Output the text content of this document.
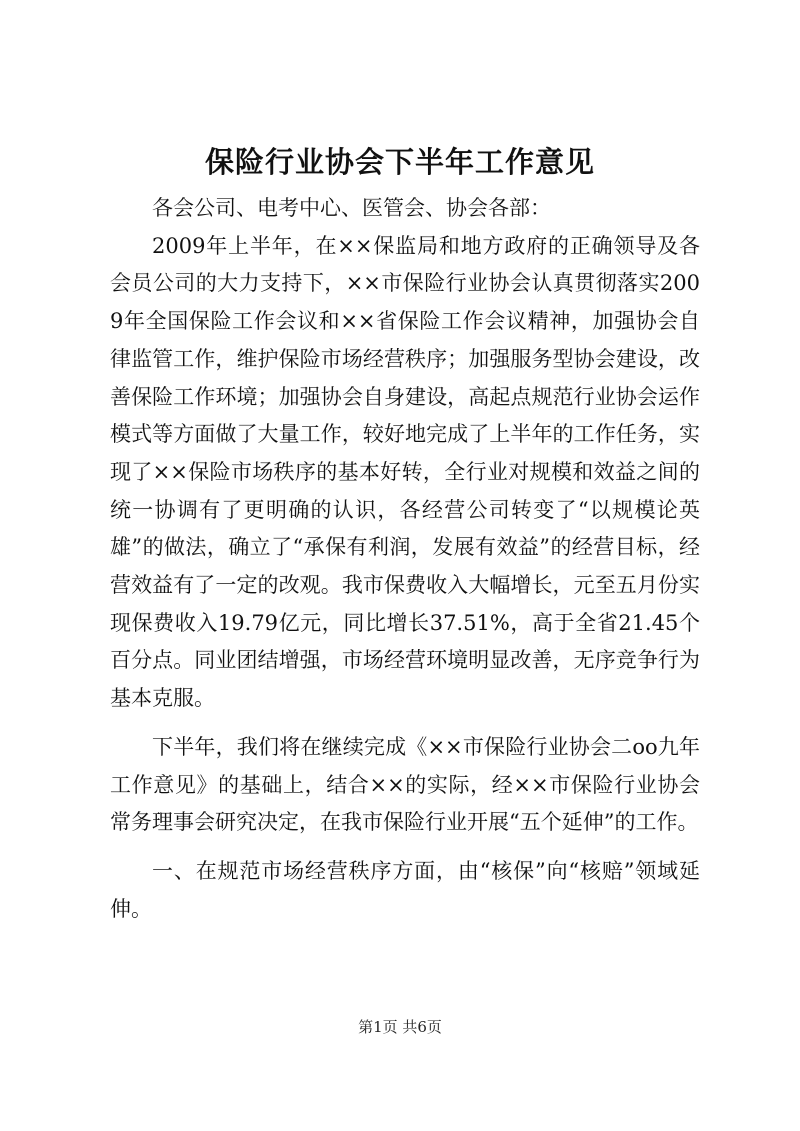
保险行业协会下半年工作意见

各会公司、电考中心、医管会、协会各部：

2009年上半年，在××保监局和地方政府的正确领导及各会员公司的大力支持下，××市保险行业协会认真贯彻落实2009年全国保险工作会议和××省保险工作会议精神，加强协会自律监管工作，维护保险市场经营秩序；加强服务型协会建设，改善保险工作环境；加强协会自身建设，高起点规范行业协会运作模式等方面做了大量工作，较好地完成了上半年的工作任务，实现了××保险市场秩序的基本好转，全行业对规模和效益之间的统一协调有了更明确的认识，各经营公司转变了“以规模论英雄”的做法，确立了“承保有利润，发展有效益”的经营目标，经营效益有了一定的改观。我市保费收入大幅增长，元至五月份实现保费收入19.79亿元，同比增长37.51%，高于全省21.45个百分点。同业团结增强，市场经营环境明显改善，无序竞争行为基本克服。

下半年，我们将在继续完成《××市保险行业协会二oo九年工作意见》的基础上，结合××的实际，经××市保险行业协会常务理事会研究决定，在我市保险行业开展“五个延伸”的工作。

一、在规范市场经营秩序方面，由“核保”向“核赔”领域延伸。

第1页 共6页
